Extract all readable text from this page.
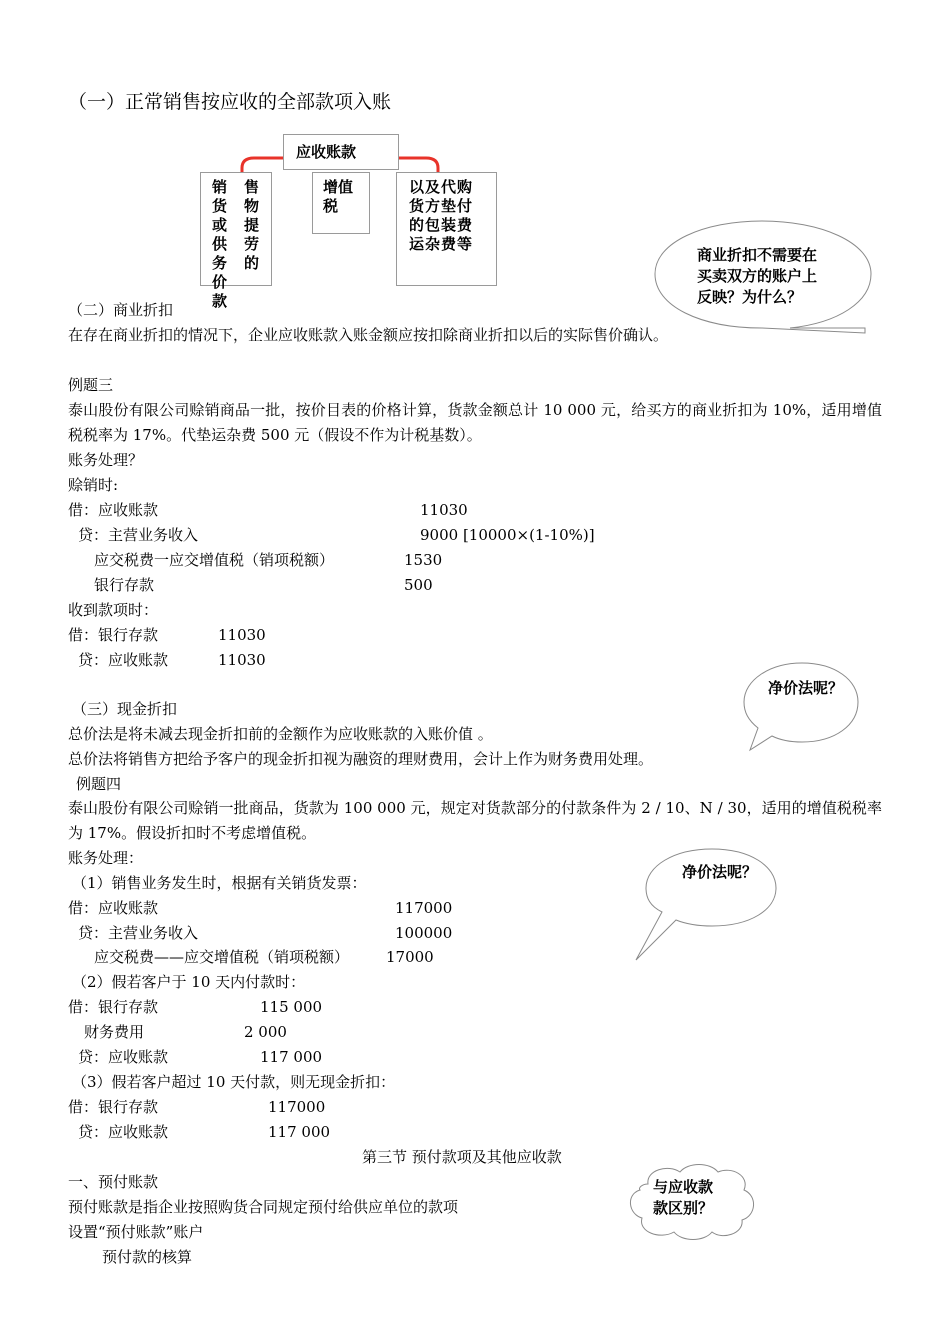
（一）正常销售按应收的全部款项入账
应收账款
销
货
或
供
务
价款
售
物
提
劳
的
增值
税
以及代购
货方垫付
的包装费
运杂费等
商业折扣不需要在
买卖双方的账户上
反映？为什么？
（二）商业折扣
在存在商业折扣的情况下，企业应收账款入账金额应按扣除商业折扣以后的实际售价确认。
例题三
泰山股份有限公司赊销商品一批，按价目表的价格计算，货款金额总计 10 000 元，给买方的商业折扣为 10%，适用增值税税率为 17%。代垫运杂费 500 元（假设不作为计税基数）。
账务处理？
赊销时:
借：应收账款	11030
贷：主营业务收入	9000 [10000×(1-10%)]
应交税费一应交增值税（销项税额）	1530
银行存款	500
收到款项时：
借：银行存款	11030
贷：应收账款	11030
净价法呢？
（三）现金折扣
总价法是将未减去现金折扣前的金额作为应收账款的入账价值 。
总价法将销售方把给予客户的现金折扣视为融资的理财费用，会计上作为财务费用处理。
例题四
泰山股份有限公司赊销一批商品，货款为 100 000 元，规定对货款部分的付款条件为 2 / 10、N / 30，适用的增值税税率为 17%。假设折扣时不考虑增值税。
账务处理：
（1）销售业务发生时，根据有关销货发票：
借：应收账款	117000
贷：主营业务收入	100000
应交税费——应交增值税（销项税额） 17000
（2）假若客户于 10 天内付款时：
借：银行存款	115 000
财务费用	2 000
贷：应收账款	117 000
（3）假若客户超过 10 天付款，则无现金折扣：
借：银行存款	117000
贷：应收账款	117 000
净价法呢？
第三节 预付款项及其他应收款
一、预付账款
预付账款是指企业按照购货合同规定预付给供应单位的款项
设置“预付账款”账户
预付款的核算
与应收款
款区别？
